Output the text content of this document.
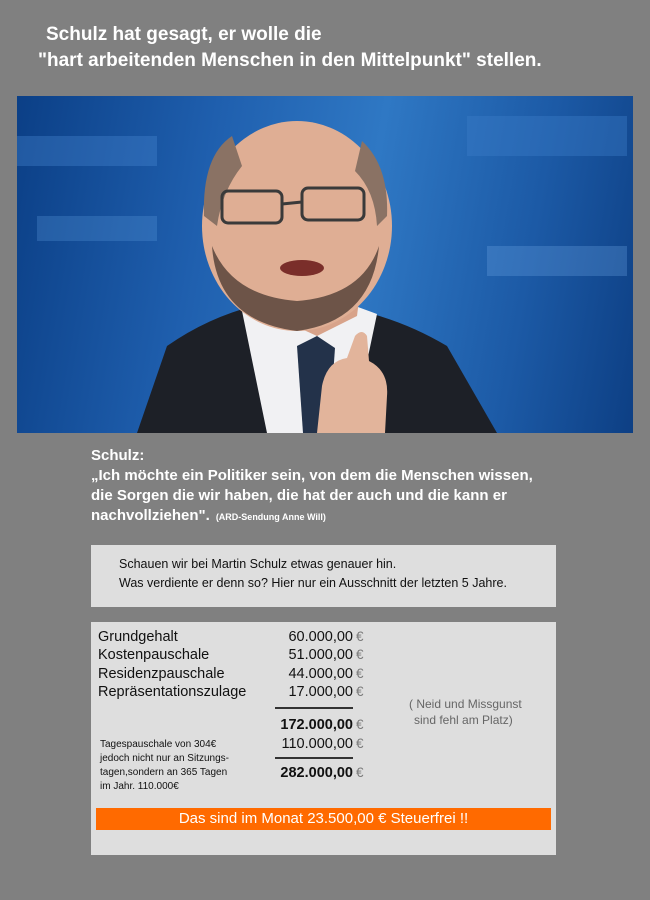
Schulz hat gesagt, er wolle die
"hart arbeitenden Menschen in den Mittelpunkt" stellen.
Schulz:
„Ich möchte ein Politiker sein, von dem die Menschen wissen,
die Sorgen die wir haben, die hat der auch und die kann er
nachvollziehen". (ARD-Sendung Anne Will)
Schauen wir bei Martin Schulz etwas genauer hin.
Was verdiente er denn so? Hier nur ein Ausschnitt der letzten 5 Jahre.
Grundgehalt	60.000,00 €
Kostenpauschale	51.000,00 €
Residenzpauschale	44.000,00 €
Repräsentationszulage	17.000,00 €
172.000,00 €
110.000,00 €
282.000,00 €
Tagespauschale von 304€
jedoch nicht nur an Sitzungs-
tagen,sondern an 365 Tagen
im Jahr. 110.000€
( Neid und Missgunst
sind fehl am Platz)
Das sind im Monat 23.500,00 € Steuerfrei !!
